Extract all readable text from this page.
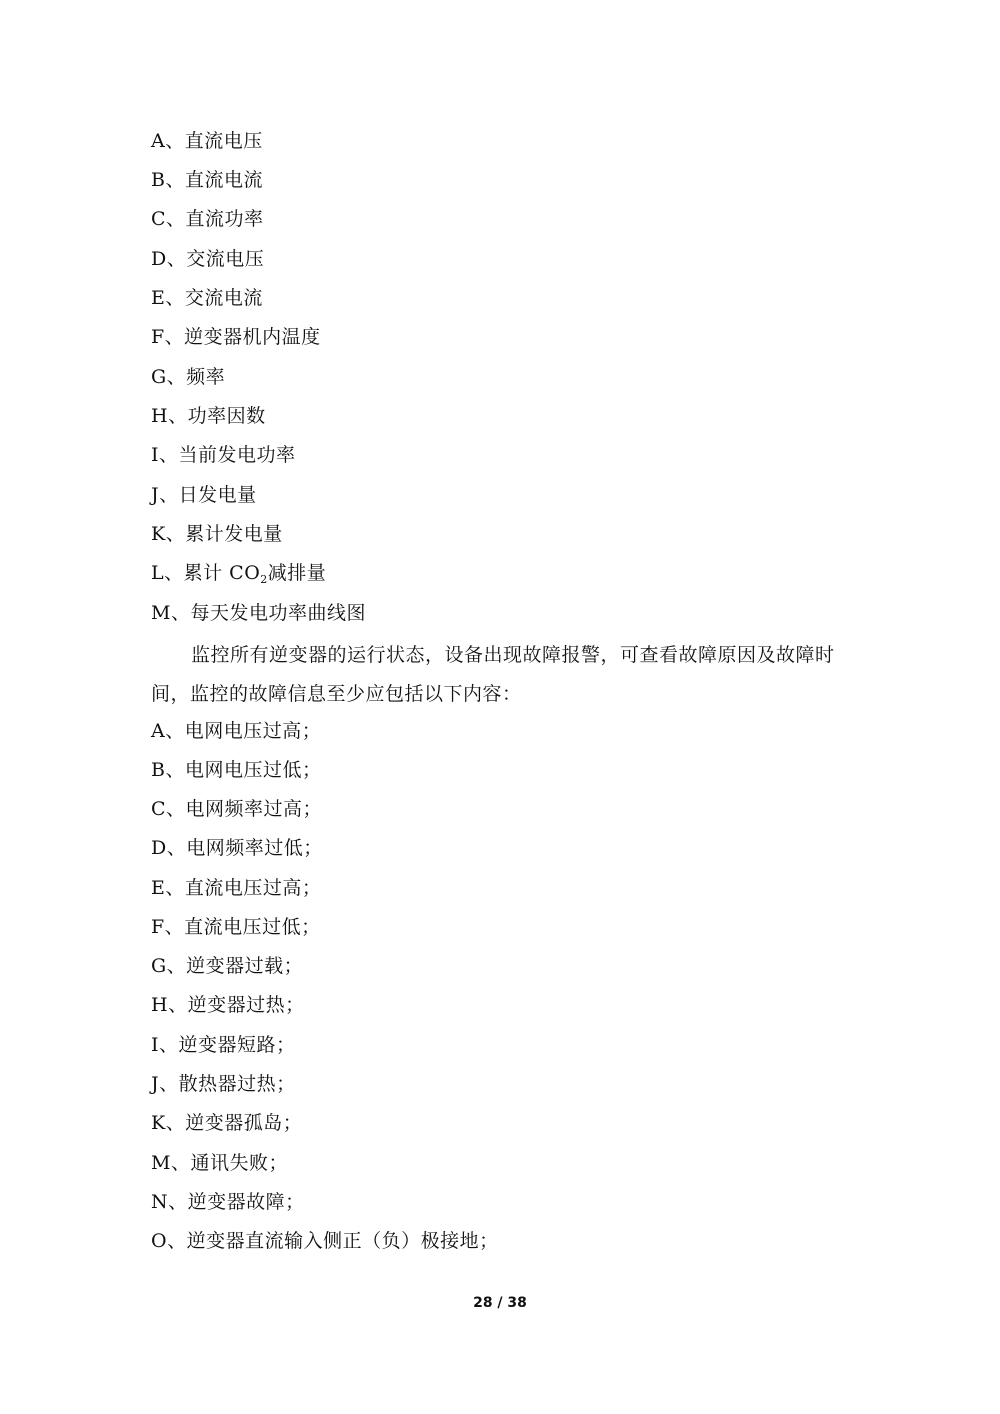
A、直流电压
B、直流电流
C、直流功率
D、交流电压
E、交流电流
F、逆变器机内温度
G、频率
H、功率因数
I、当前发电功率
J、日发电量
K、累计发电量
L、累计 $CO_2$减排量
M、每天发电功率曲线图
监控所有逆变器的运行状态，设备出现故障报警，可查看故障原因及故障时
间，监控的故障信息至少应包括以下内容：
A、电网电压过高；
B、电网电压过低；
C、电网频率过高；
D、电网频率过低；
E、直流电压过高；
F、直流电压过低；
G、逆变器过载；
H、逆变器过热；
I、逆变器短路；
J、散热器过热；
K、逆变器孤岛；
M、通讯失败；
N、逆变器故障；
O、逆变器直流输入侧正（负）极接地；
28 / 38
